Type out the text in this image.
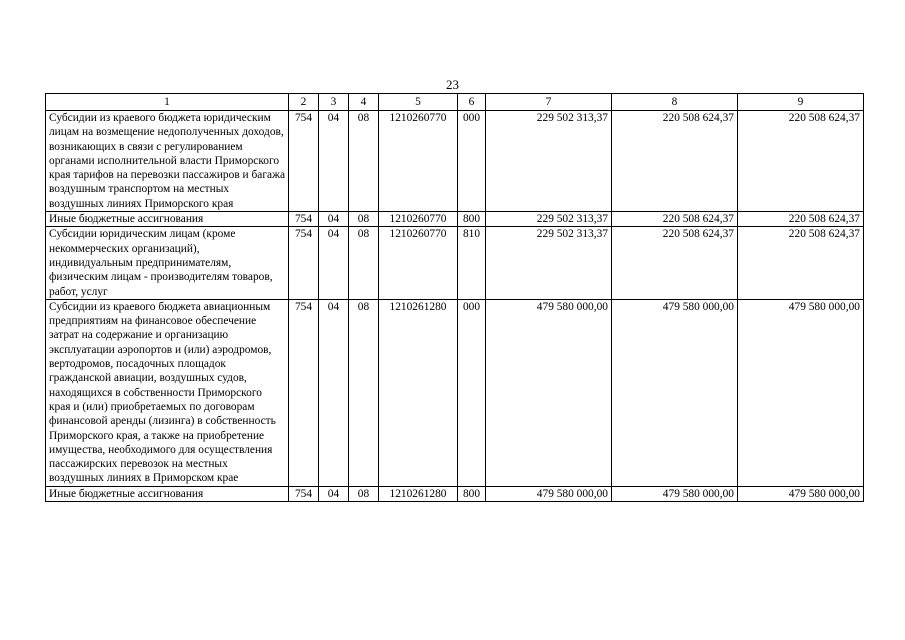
23
1	2	3	4	5	6	7	8	9
Субсидии из краевого бюджета юридическим лицам на возмещение недополученных доходов, возникающих в связи с регулированием органами исполнительной власти Приморского края тарифов на перевозки пассажиров и багажа воздушным транспортом на местных воздушных линиях Приморского края	754	04	08	1210260770	000	229 502 313,37	220 508 624,37	220 508 624,37
Иные бюджетные ассигнования	754	04	08	1210260770	800	229 502 313,37	220 508 624,37	220 508 624,37
Субсидии юридическим лицам (кроме некоммерческих организаций), индивидуальным предпринимателям, физическим лицам - производителям товаров, работ, услуг	754	04	08	1210260770	810	229 502 313,37	220 508 624,37	220 508 624,37
Субсидии из краевого бюджета авиационным предприятиям на финансовое обеспечение затрат на содержание и организацию эксплуатации аэропортов и (или) аэродромов, вертодромов, посадочных площадок гражданской авиации, воздушных судов, находящихся в собственности Приморского края и (или) приобретаемых по договорам финансовой аренды (лизинга) в собственность Приморского края, а также на приобретение имущества, необходимого для осуществления пассажирских перевозок на местных воздушных линиях в Приморском крае	754	04	08	1210261280	000	479 580 000,00	479 580 000,00	479 580 000,00
Иные бюджетные ассигнования	754	04	08	1210261280	800	479 580 000,00	479 580 000,00	479 580 000,00
